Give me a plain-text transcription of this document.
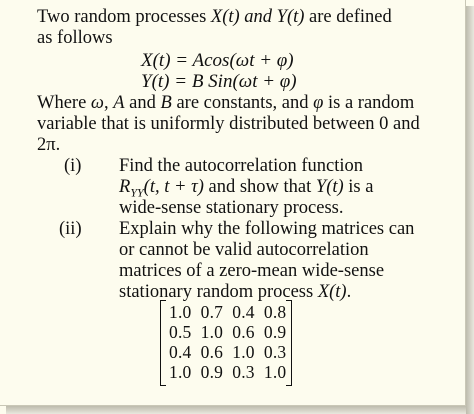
Two random processes X(t) and Y(t) are defined
as follows
X(t) = Acos(ωt + φ)
Y(t) = B Sin(ωt + φ)
Where ω, A and B are constants, and φ is a random
variable that is uniformly distributed between 0 and
2π.
(i) Find the autocorrelation function
$R_{YY}(t$, t + τ) and show that Y(t) is a
wide-sense stationary process.
(ii) Explain why the following matrices can
or cannot be valid autocorrelation
matrices of a zero-mean wide-sense
stationary random process X(t).
1.0  0.7  0.4  0.8
0.5  1.0  0.6  0.9
0.4  0.6  1.0  0.3
1.0  0.9  0.3  1.0
